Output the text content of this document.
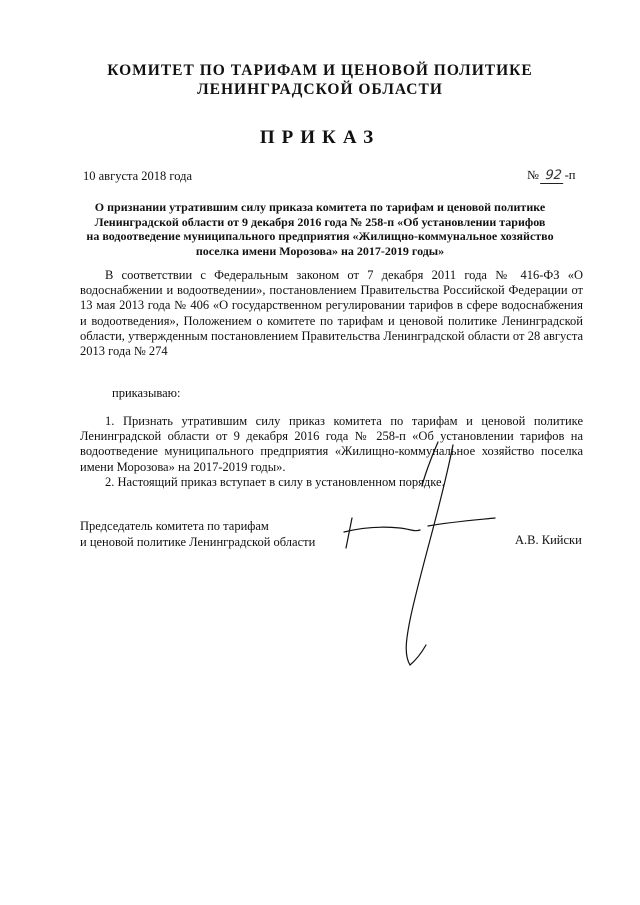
КОМИТЕТ ПО ТАРИФАМ И ЦЕНОВОЙ ПОЛИТИКЕ
ЛЕНИНГРАДСКОЙ ОБЛАСТИ
ПРИКАЗ
10 августа 2018 года	№ 92-п
О признании утратившим силу приказа комитета по тарифам и ценовой политике
Ленинградской области от 9 декабря 2016 года № 258-п «Об установлении тарифов
на водоотведение муниципального предприятия «Жилищно-коммунальное хозяйство
поселка имени Морозова» на 2017-2019 годы»

В соответствии с Федеральным законом от 7 декабря 2011 года № 416-ФЗ «О водоснабжении и водоотведении», постановлением Правительства Российской Федерации от 13 мая 2013 года № 406 «О государственном регулировании тарифов в сфере водоснабжения и водоотведения», Положением о комитете по тарифам и ценовой политике Ленинградской области, утвержденным постановлением Правительства Ленинградской области от 28 августа 2013 года № 274

приказываю:

1. Признать утратившим силу приказ комитета по тарифам и ценовой политике Ленинградской области от 9 декабря 2016 года № 258-п «Об установлении тарифов на водоотведение муниципального предприятия «Жилищно-коммунальное хозяйство поселка имени Морозова» на 2017-2019 годы».

2. Настоящий приказ вступает в силу в установленном порядке.

Председатель комитета по тарифам
и ценовой политике Ленинградской области	А.В. Кийски
